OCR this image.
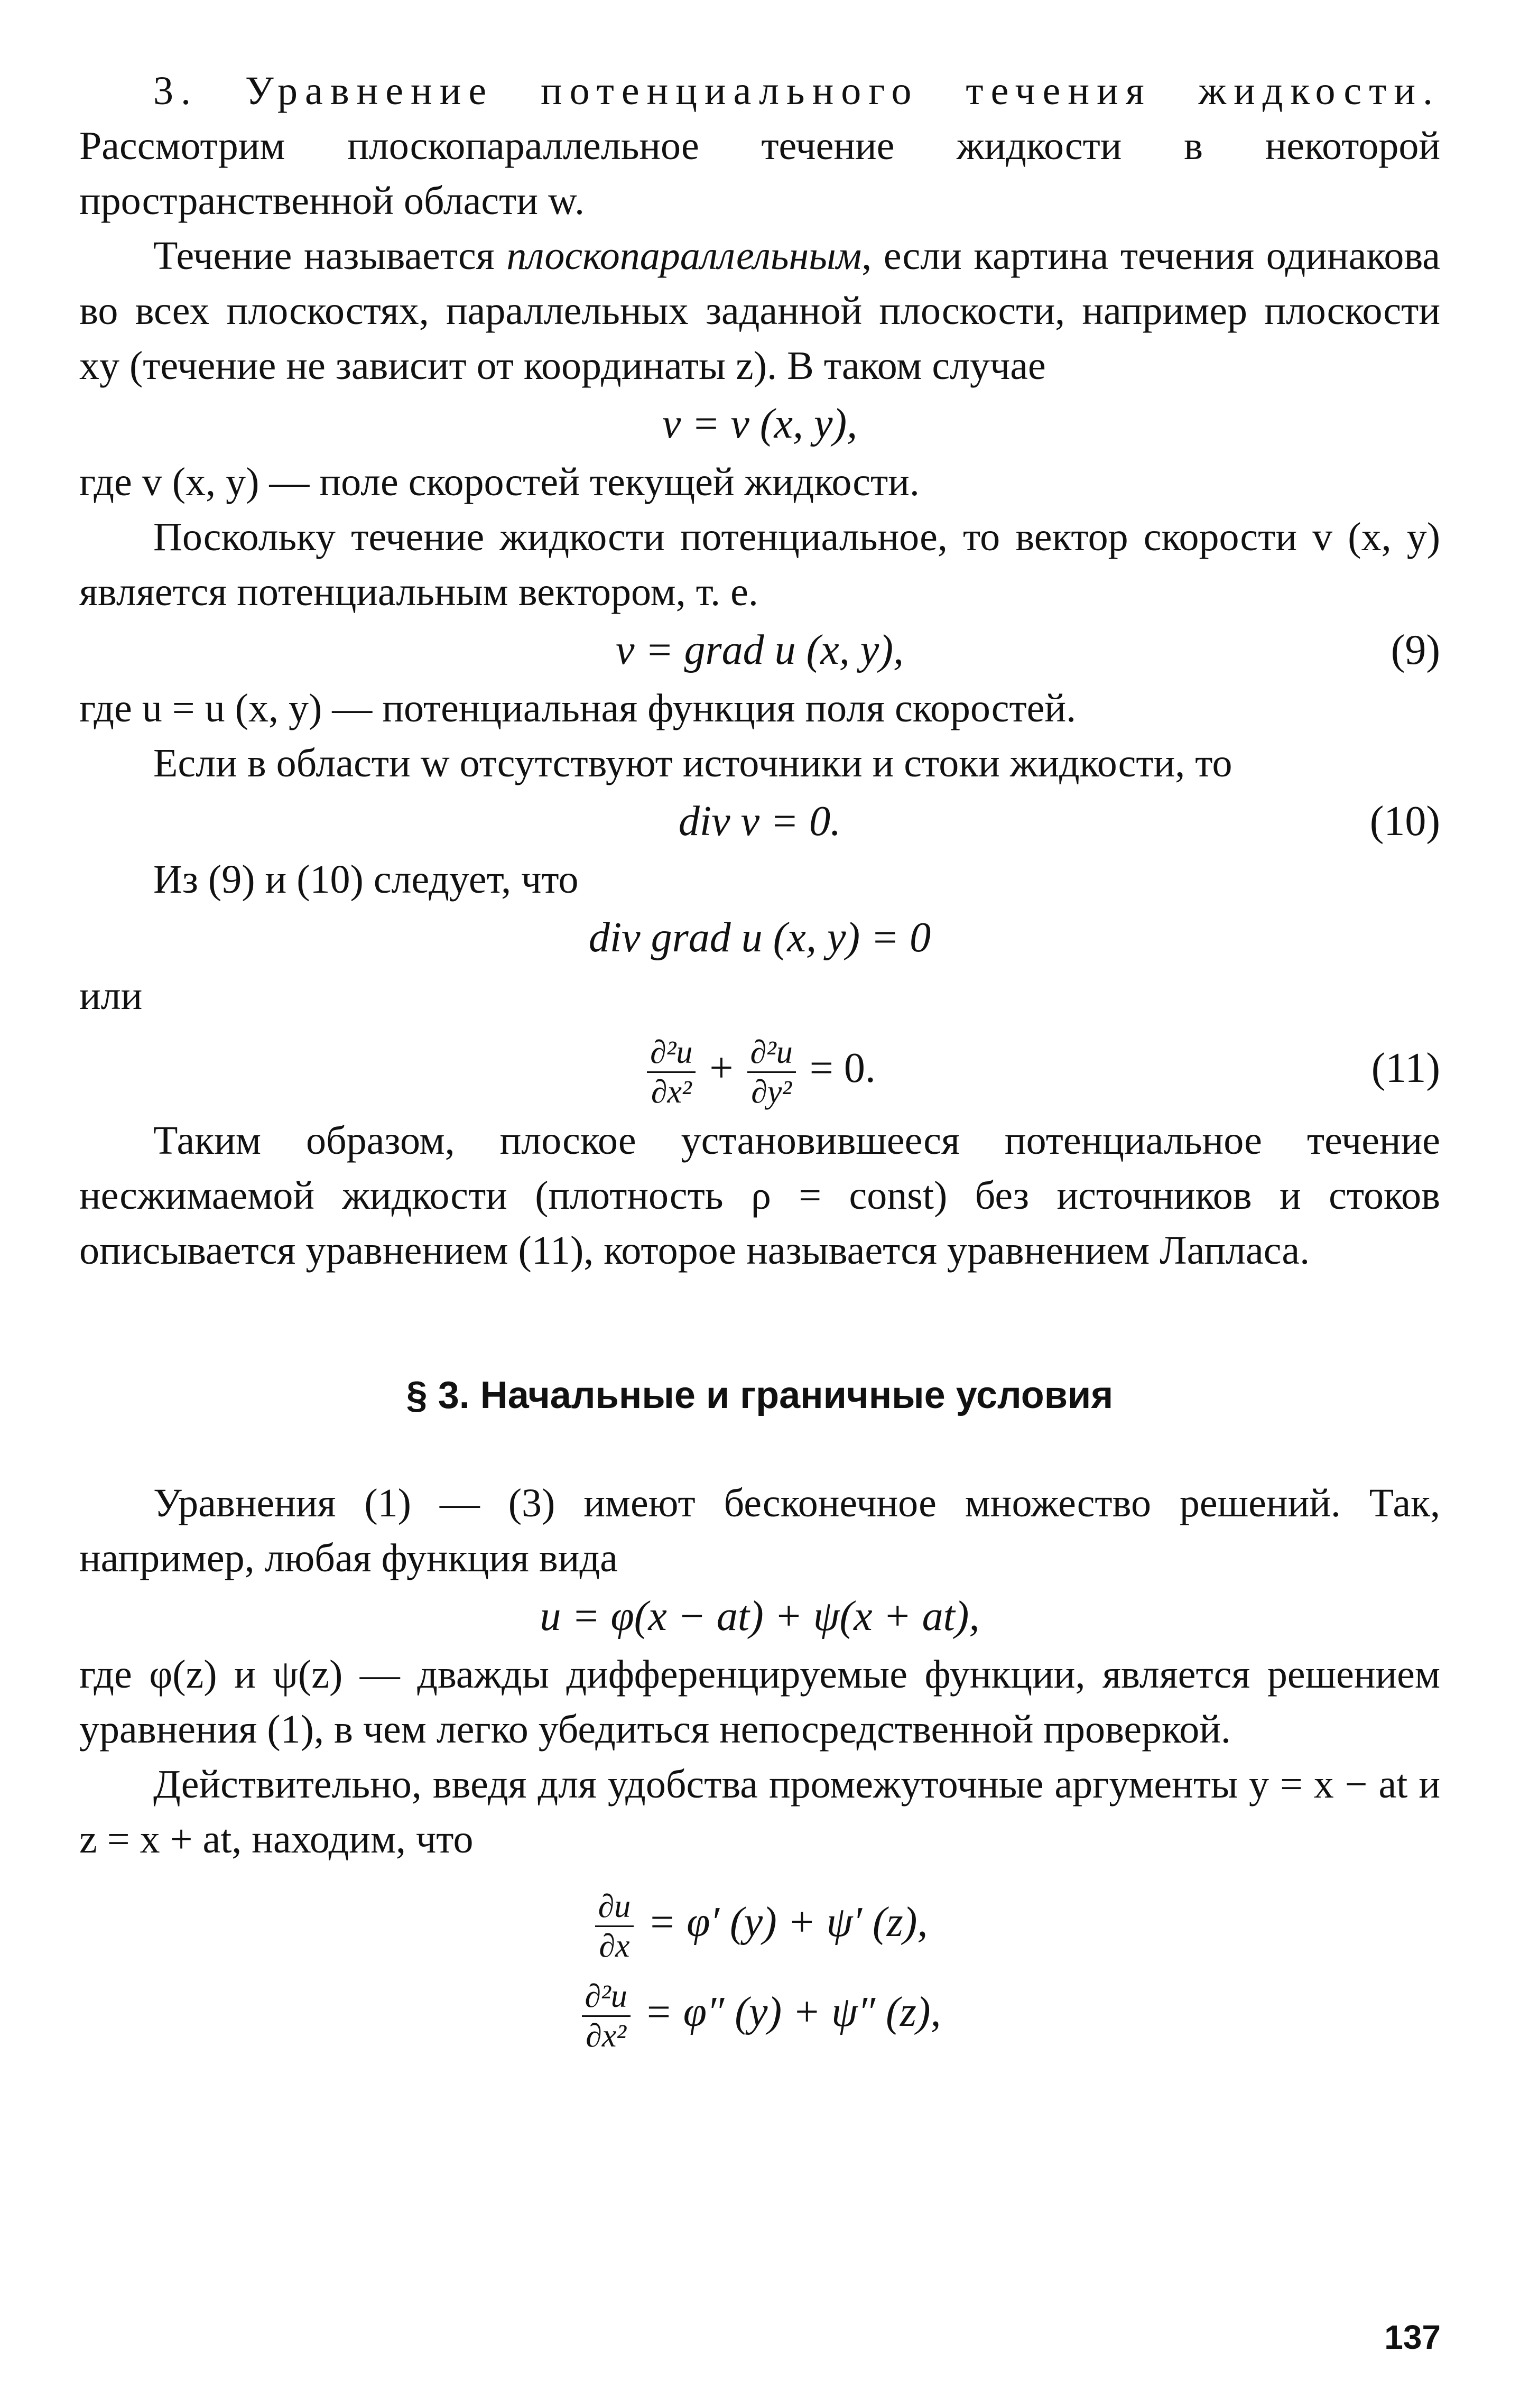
3. Уравнение потенциального течения жидкости. Рассмотрим плоскопараллельное течение жидкости в некоторой пространственной области w.

Течение называется плоскопараллельным, если картина течения одинакова во всех плоскостях, параллельных заданной плоскости, например плоскости xy (течение не зависит от координаты z). В таком случае

v = v (x, y),

где v (x, y) — поле скоростей текущей жидкости.

Поскольку течение жидкости потенциальное, то вектор скорости v (x, y) является потенциальным вектором, т. е.

v = grad u (x, y),	(9)

где u = u (x, y) — потенциальная функция поля скоростей.

Если в области w отсутствуют источники и стоки жидкости, то

div v = 0.	(10)

Из (9) и (10) следует, что

div grad u (x, y) = 0

или

$\frac{\text{∂²u}}{\text{∂x²}} + \frac{\text{∂²u}}{\text{∂y²}} = 0$.	(11)

Таким образом, плоское установившееся потенциальное течение несжимаемой жидкости (плотность ρ = const) без источников и стоков описывается уравнением (11), которое называется уравнением Лапласа.

§ 3. Начальные и граничные условия

Уравнения (1) — (3) имеют бесконечное множество решений. Так, например, любая функция вида

u = φ(x − at) + ψ(x + at),

где φ(z) и ψ(z) — дважды дифференцируемые функции, является решением уравнения (1), в чем легко убедиться непосредственной проверкой.

Действительно, введя для удобства промежуточные аргументы y = x − at и z = x + at, находим, что

$\frac{\partial u}{\partial x} = \varphi'$ (y) + ψ′ (z),
$\frac{\text{∂²u}}{\text{∂x²}} = \varphi''$ (y) + ψ″ (z),
137
